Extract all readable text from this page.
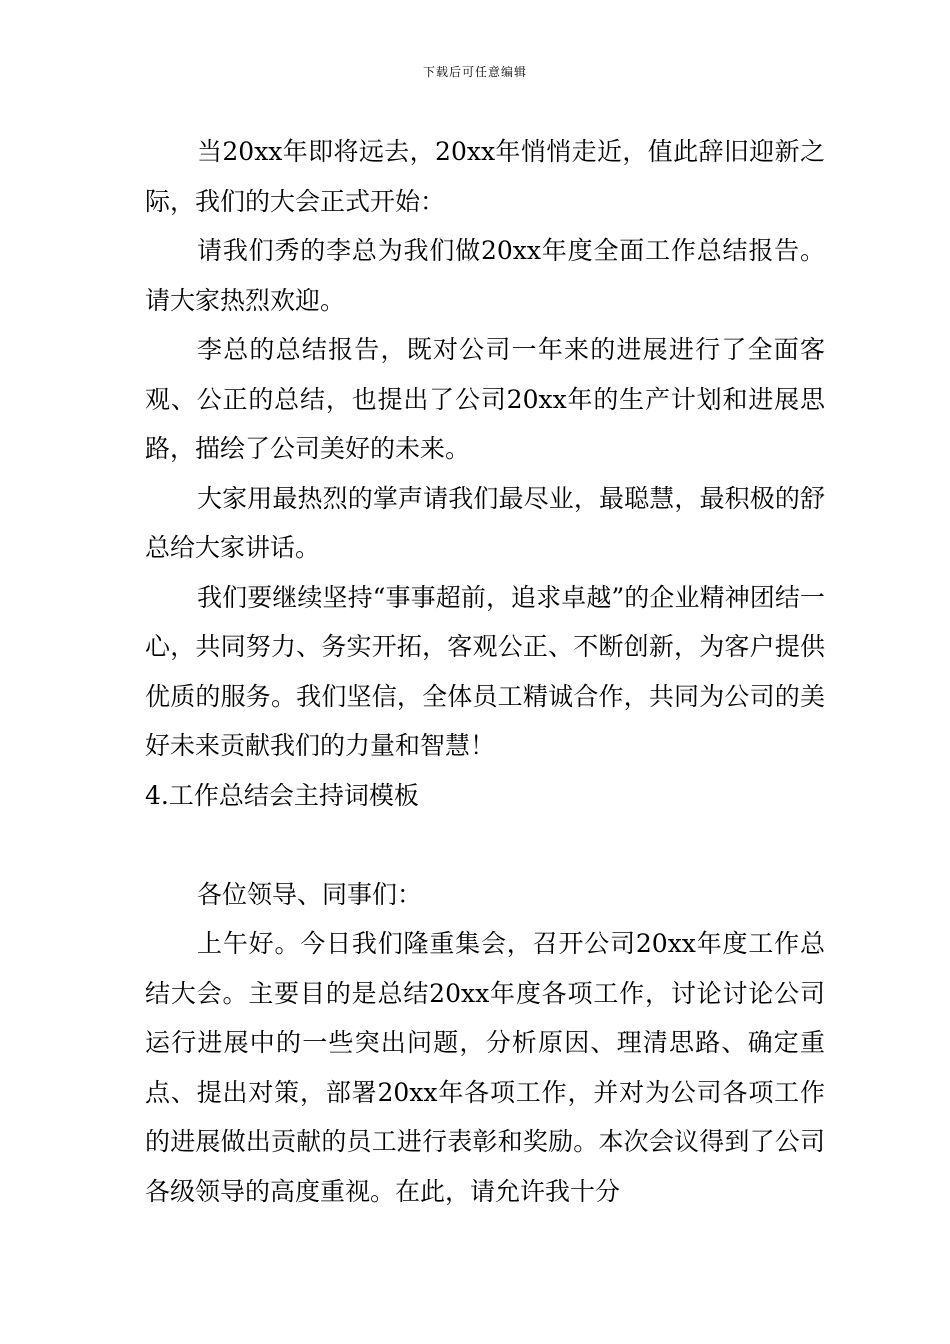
下载后可任意编辑

当20xx年即将远去，20xx年悄悄走近，值此辞旧迎新之际，我们的大会正式开始：

请我们秀的李总为我们做20xx年度全面工作总结报告。请大家热烈欢迎。

李总的总结报告，既对公司一年来的进展进行了全面客观、公正的总结，也提出了公司20xx年的生产计划和进展思路，描绘了公司美好的未来。

大家用最热烈的掌声请我们最尽业，最聪慧，最积极的舒总给大家讲话。

我们要继续坚持“事事超前，追求卓越”的企业精神团结一心，共同努力、务实开拓，客观公正、不断创新，为客户提供优质的服务。我们坚信，全体员工精诚合作，共同为公司的美好未来贡献我们的力量和智慧！

4.工作总结会主持词模板

各位领导、同事们：

上午好。今日我们隆重集会，召开公司20xx年度工作总结大会。主要目的是总结20xx年度各项工作，讨论讨论公司运行进展中的一些突出问题，分析原因、理清思路、确定重点、提出对策，部署20xx年各项工作，并对为公司各项工作的进展做出贡献的员工进行表彰和奖励。本次会议得到了公司各级领导的高度重视。在此，请允许我十分
